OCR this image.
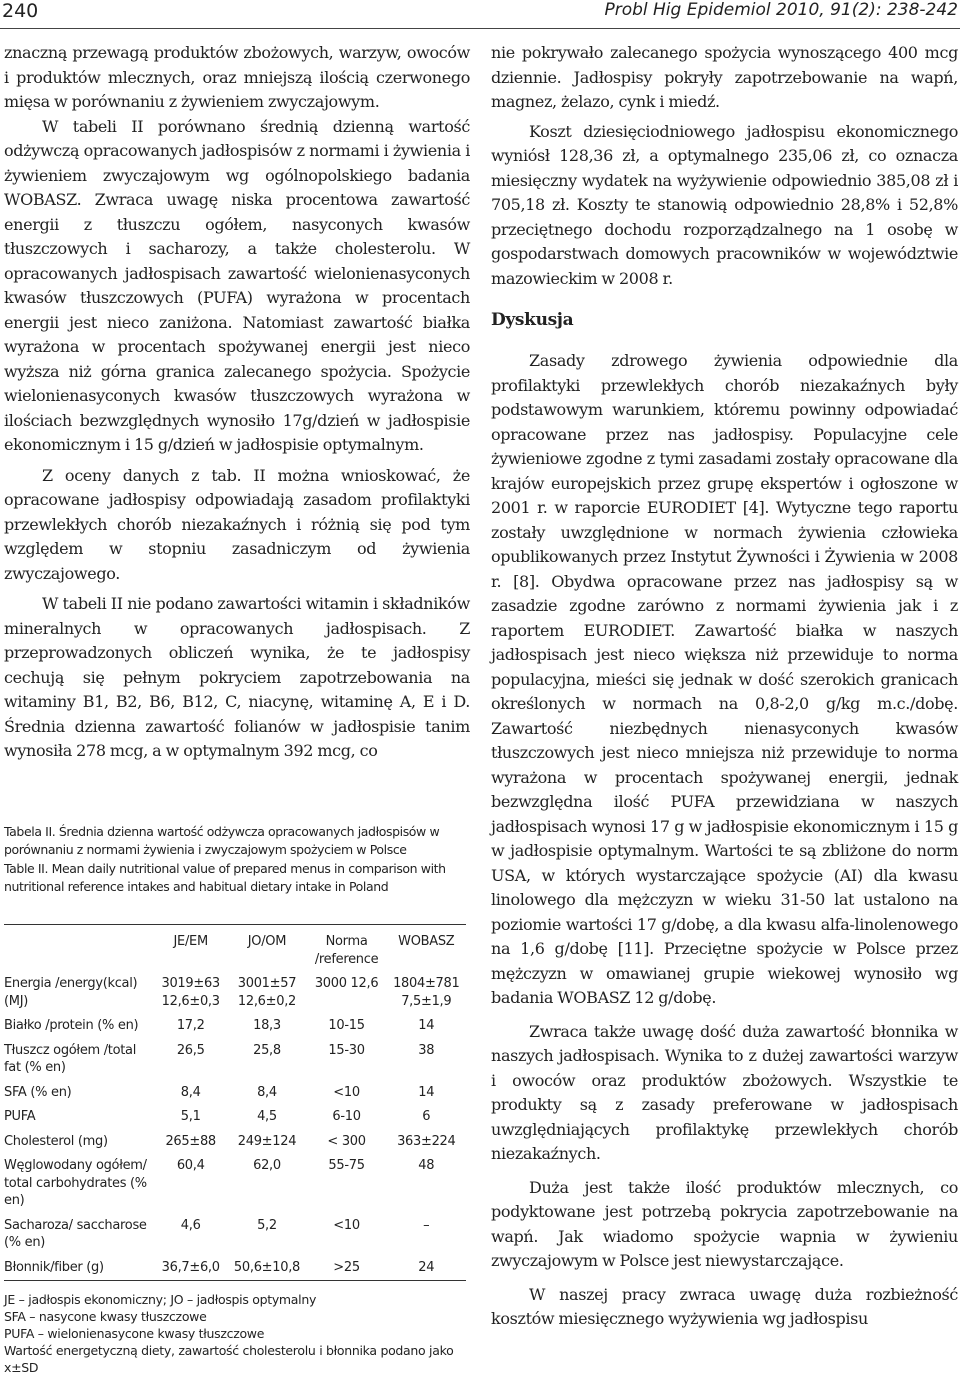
240	Probl Hig Epidemiol 2010, 91(2): 238-242

znaczną przewagą produktów zbożowych, warzyw, owoców i produktów mlecznych, oraz mniejszą ilością czerwonego mięsa w porównaniu z żywieniem zwyczajowym.

W tabeli II porównano średnią dzienną wartość odżywczą opracowanych jadłospisów z normami i żywienia i żywieniem zwyczajowym wg ogólnopolskiego badania WOBASZ. Zwraca uwagę niska procentowa zawartość energii z tłuszczu ogółem, nasyconych kwasów tłuszczowych i sacharozy, a także cholesterolu. W opracowanych jadłospisach zawartość wielonienasyconych kwasów tłuszczowych (PUFA) wyrażona w procentach energii jest nieco zaniżona. Natomiast zawartość białka wyrażona w procentach spożywanej energii jest nieco wyższa niż górna granica zalecanego spożycia. Spożycie wielonienasyconych kwasów tłuszczowych wyrażona w ilościach bezwzględnych wynosiło 17g/dzień w jadłospisie ekonomicznym i 15 g/dzień w jadłospisie optymalnym.

Z oceny danych z tab. II można wnioskować, że opracowane jadłospisy odpowiadają zasadom profilaktyki przewlekłych chorób niezakaźnych i różnią się pod tym względem w stopniu zasadniczym od żywienia zwyczajowego.

W tabeli II nie podano zawartości witamin i składników mineralnych w opracowanych jadłospisach. Z przeprowadzonych obliczeń wynika, że te jadłospisy cechują się pełnym pokryciem zapotrzebowania na witaminy B1, B2, B6, B12, C, niacynę, witaminę A, E i D. Średnia dzienna zawartość folianów w jadłospisie tanim wynosiła 278 mcg, a w optymalnym 392 mcg, co

Tabela II. Średnia dzienna wartość odżywcza opracowanych jadłospisów w porównaniu z normami żywienia i zwyczajowym spożyciem w Polsce
Table II. Mean daily nutritional value of prepared menus in comparison with nutritional reference intakes and habitual dietary intake in Poland
	JE/EM	JO/OM	Norma /reference	WOBASZ
Energia /energy(kcal) (MJ)	3019±63 12,6±0,3	3001±57 12,6±0,2	3000 12,6	1804±781 7,5±1,9
Białko /protein (% en)	17,2	18,3	10-15	14
Tłuszcz ogółem /total fat (% en)	26,5	25,8	15-30	38
SFA (% en)	8,4	8,4	<10	14
PUFA	5,1	4,5	6-10	6
Cholesterol (mg)	265±88	249±124	< 300	363±224
Węglowodany ogółem/ total carbohydrates (% en)	60,4	62,0	55-75	48
Sacharoza/ saccharose (% en)	4,6	5,2	<10	–
Błonnik/fiber (g)	36,7±6,0	50,6±10,8	>25	24
JE – jadłospis ekonomiczny; JO – jadłospis optymalny
SFA – nasycone kwasy tłuszczowe
PUFA – wielonienasycone kwasy tłuszczowe
Wartość energetyczną diety, zawartość cholesterolu i błonnika podano jako x±SD

nie pokrywało zalecanego spożycia wynoszącego 400 mcg dziennie. Jadłospisy pokryły zapotrzebowanie na wapń, magnez, żelazo, cynk i miedź.

Koszt dziesięciodniowego jadłospisu ekonomicznego wyniósł 128,36 zł, a optymalnego 235,06 zł, co oznacza miesięczny wydatek na wyżywienie odpowiednio 385,08 zł i 705,18 zł. Koszty te stanowią odpowiednio 28,8% i 52,8% przeciętnego dochodu rozporządzalnego na 1 osobę w gospodarstwach domowych pracowników w województwie mazowieckim w 2008 r.

Dyskusja

Zasady zdrowego żywienia odpowiednie dla profilaktyki przewlekłych chorób niezakaźnych były podstawowym warunkiem, któremu powinny odpowiadać opracowane przez nas jadłospisy. Populacyjne cele żywieniowe zgodne z tymi zasadami zostały opracowane dla krajów europejskich przez grupę ekspertów i ogłoszone w 2001 r. w raporcie EURODIET [4]. Wytyczne tego raportu zostały uwzględnione w normach żywienia człowieka opublikowanych przez Instytut Żywności i Żywienia w 2008 r. [8]. Obydwa opracowane przez nas jadłospisy są w zasadzie zgodne zarówno z normami żywienia jak i z raportem EURODIET. Zawartość białka w naszych jadłospisach jest nieco większa niż przewiduje to norma populacyjna, mieści się jednak w dość szerokich granicach określonych w normach na 0,8-2,0 g/kg m.c./dobę. Zawartość niezbędnych nienasyconych kwasów tłuszczowych jest nieco mniejsza niż przewiduje to norma wyrażona w procentach spożywanej energii, jednak bezwzględna ilość PUFA przewidziana w naszych jadłospisach wynosi 17 g w jadłospisie ekonomicznym i 15 g w jadłospisie optymalnym. Wartości te są zbliżone do norm USA, w których wystarczające spożycie (AI) dla kwasu linolowego dla mężczyzn w wieku 31-50 lat ustalono na poziomie wartości 17 g/dobę, a dla kwasu alfa-linolenowego na 1,6 g/dobę [11]. Przeciętne spożycie w Polsce przez mężczyzn w omawianej grupie wiekowej wynosiło wg badania WOBASZ 12 g/dobę.

Zwraca także uwagę dość duża zawartość błonnika w naszych jadłospisach. Wynika to z dużej zawartości warzyw i owoców oraz produktów zbożowych. Wszystkie te produkty są z zasady preferowane w jadłospisach uwzględniających profilaktykę przewlekłych chorób niezakaźnych.

Duża jest także ilość produktów mlecznych, co podyktowane jest potrzebą pokrycia zapotrzebowanie na wapń. Jak wiadomo spożycie wapnia w żywieniu zwyczajowym w Polsce jest niewystarczające.

W naszej pracy zwraca uwagę duża rozbieżność kosztów miesięcznego wyżywienia wg jadłospisu
